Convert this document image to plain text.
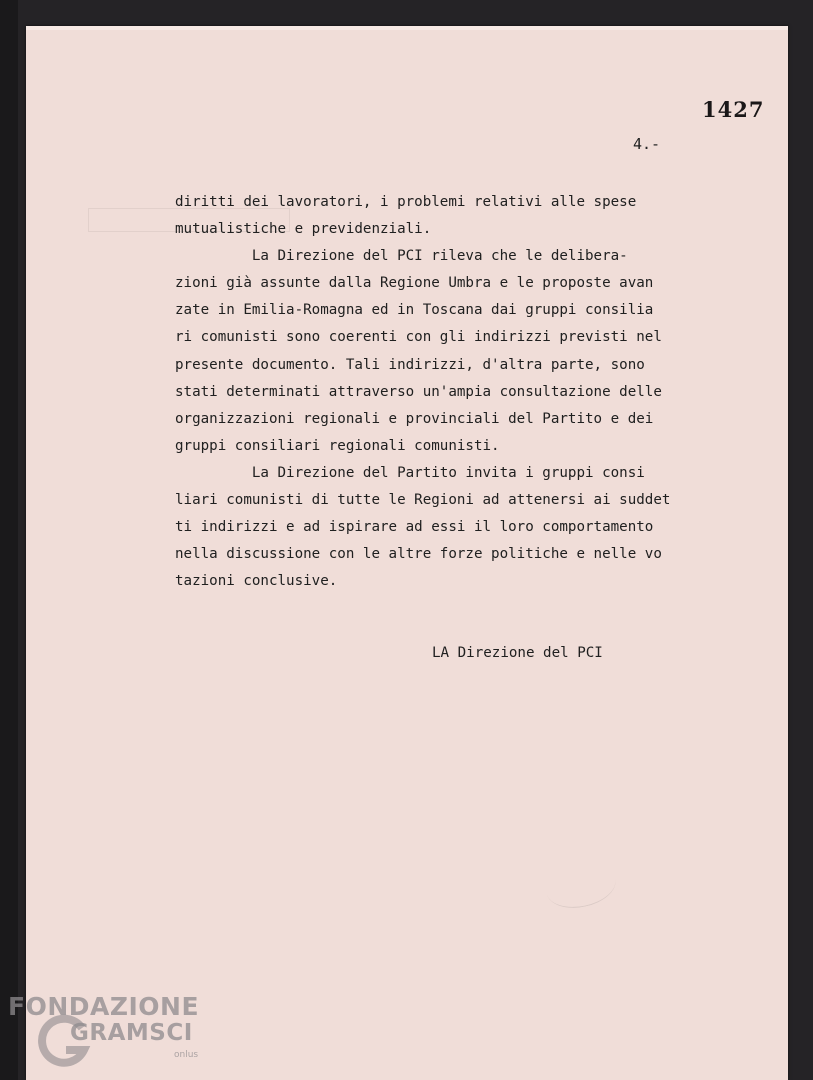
1427
4.-
diritti dei lavoratori, i problemi relativi alle spese
mutualistiche e previdenziali.
La Direzione del PCI rileva che le delibera-
zioni già assunte dalla Regione Umbra e le proposte avan
zate in Emilia-Romagna ed in Toscana dai gruppi consilia
ri comunisti sono coerenti con gli indirizzi previsti nel
presente documento. Tali indirizzi, d'altra parte, sono
stati determinati attraverso un'ampia consultazione delle
organizzazioni regionali e provinciali del Partito e dei
gruppi consiliari regionali comunisti.
La Direzione del Partito invita i gruppi consi
liari comunisti di tutte le Regioni ad attenersi ai suddet
ti indirizzi e ad ispirare ad essi il loro comportamento
nella discussione con le altre forze politiche e nelle vo
tazioni conclusive.
LA Direzione del PCI
FONDAZIONE
GRAMSCI
onlus
